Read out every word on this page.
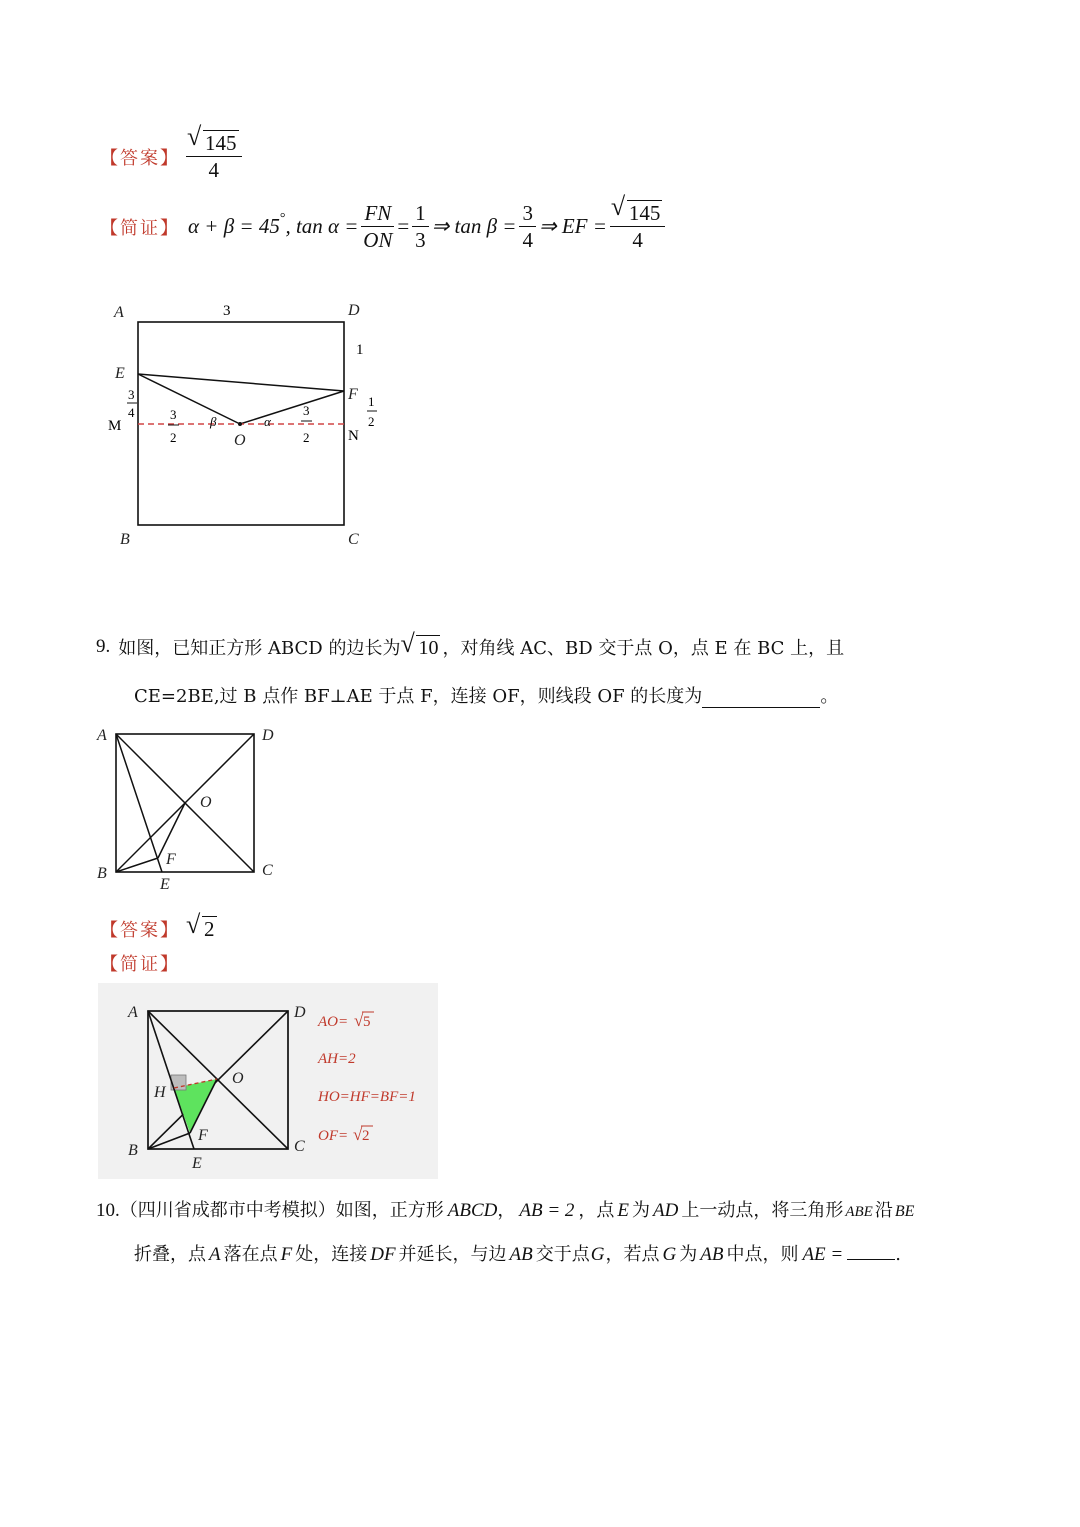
【答案】 √ $\frac{145}{4}$
【简证】 α + β = 45 ° , $\tan \alpha = \frac{FN}{ON} = \frac{1}{3}$ ⇒ $\tan \beta = \frac{3}{4}$ ⇒ EF = √ $\frac{145}{4}$
A	D
3
1
E
F
3
4
1
2
M
N
3
2
3
2
β	α
O
B	C
9. 如图，已知正方形 ABCD 的边长为 √ 10 ，对角线 AC、BD 交于点 O，点 E 在 BC 上，且
CE=2BE,过 B 点作 BF⊥AE 于点 F，连接 OF，则线段 OF 的长度为	。
A	D
O
B
F
C
E
【答案】	√ 2
【简证】
A	D
H
O
B
F
C
E
AO= √ 5
AH=2
HO=HF=BF=1
OF= √ 2
10. （四川省成都市中考模拟）如图，正方形 ABCD ， AB = 2 ，点 E 为 AD 上一动点，将三角形 ABE 沿 BE
折叠，点 A 落在点 F 处，连接 DF 并延长，与边 AB 交于点 G ，若点 G 为 AB 中点，则 AE =	.
